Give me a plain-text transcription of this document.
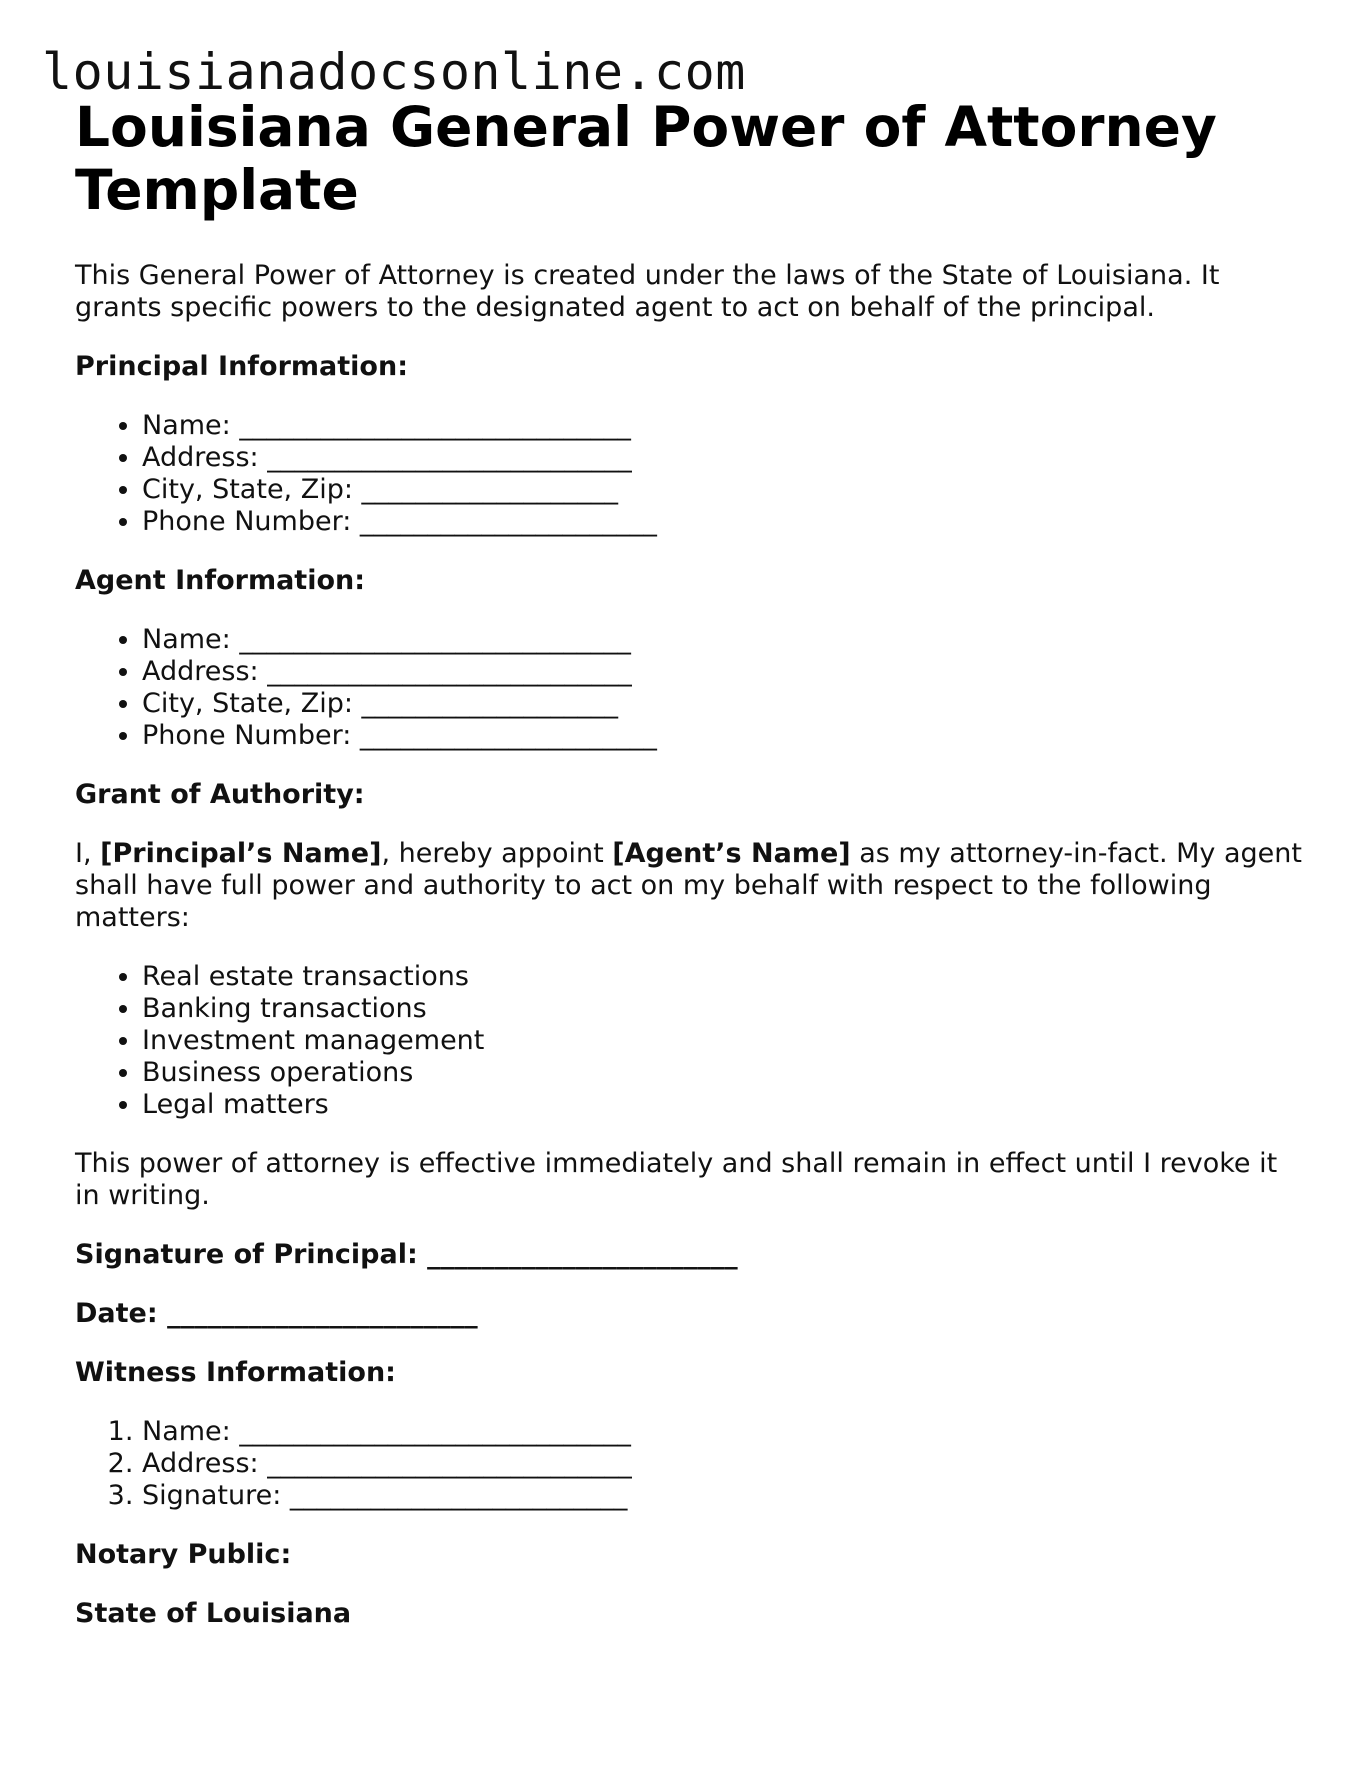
louisianadocsonline.com
Louisiana General Power of Attorney Template

This General Power of Attorney is created under the laws of the State of Louisiana. It grants specific powers to the designated agent to act on behalf of the principal.

Principal Information:
• Name: _____________________________
• Address: ___________________________
• City, State, Zip: ___________________
• Phone Number: ______________________
Agent Information:
• Name: _____________________________
• Address: ___________________________
• City, State, Zip: ___________________
• Phone Number: ______________________
Grant of Authority:

I, [Principal’s Name], hereby appoint [Agent’s Name] as my attorney-in-fact. My agent shall have full power and authority to act on my behalf with respect to the following matters:

• Real estate transactions
• Banking transactions
• Investment management
• Business operations
• Legal matters

This power of attorney is effective immediately and shall remain in effect until I revoke it in writing.

Signature of Principal: _______________________
Date: _______________________
Witness Information:
1. Name: _____________________________
2. Address: ___________________________
3. Signature: _________________________
Notary Public:
State of Louisiana
